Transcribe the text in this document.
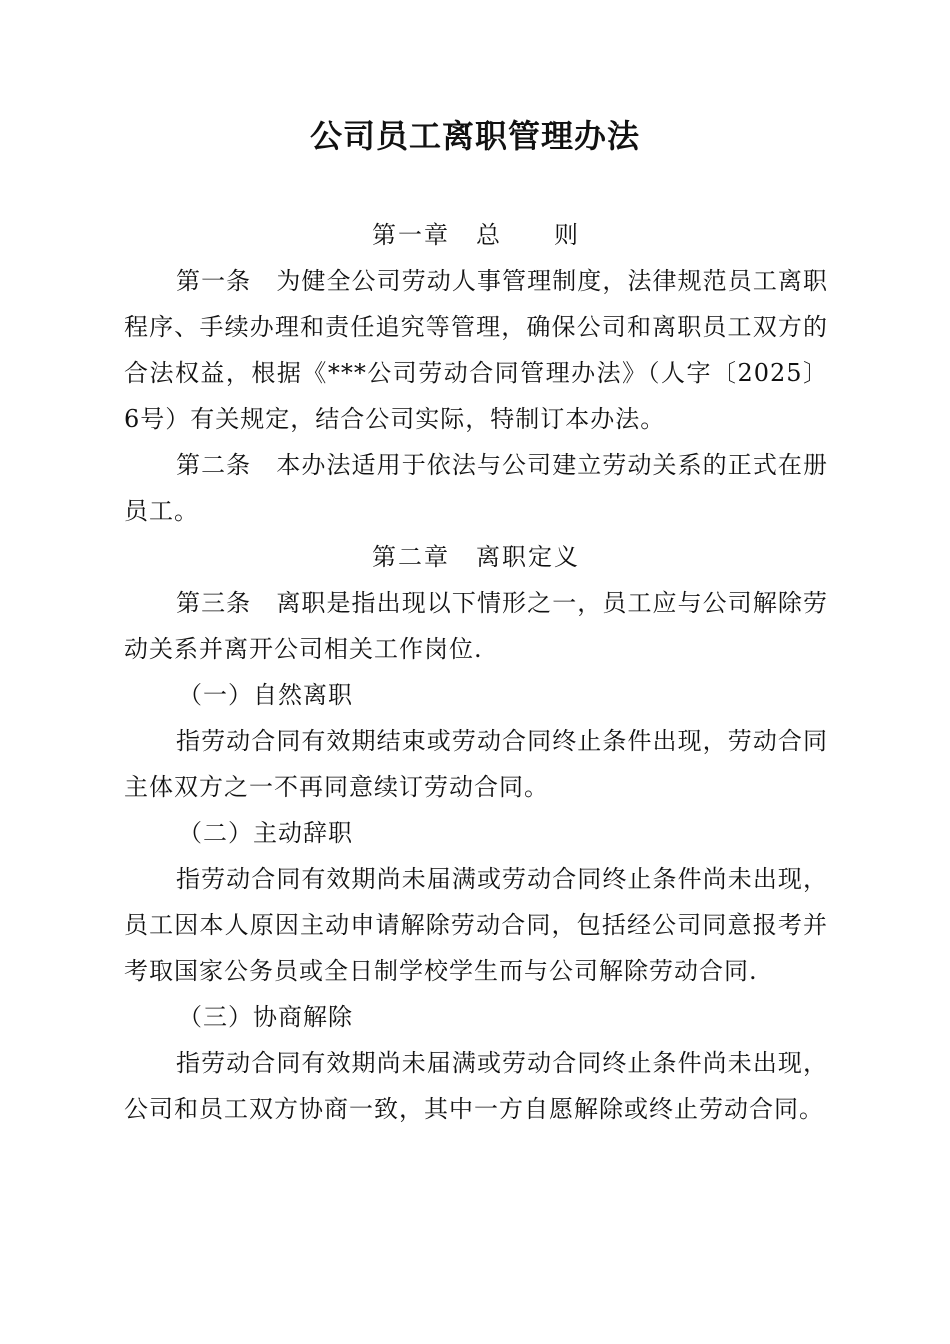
公司员工离职管理办法

第一章　总　　则

第一条　为健全公司劳动人事管理制度，法律规范员工离职程序、手续办理和责任追究等管理，确保公司和离职员工双方的合法权益，根据《***公司劳动合同管理办法》（人字〔2025〕6号）有关规定，结合公司实际，特制订本办法。

第二条　本办法适用于依法与公司建立劳动关系的正式在册员工。

第二章　离职定义

第三条　离职是指出现以下情形之一，员工应与公司解除劳动关系并离开公司相关工作岗位.

（一）自然离职

指劳动合同有效期结束或劳动合同终止条件出现，劳动合同主体双方之一不再同意续订劳动合同。

（二）主动辞职

指劳动合同有效期尚未届满或劳动合同终止条件尚未出现，员工因本人原因主动申请解除劳动合同，包括经公司同意报考并考取国家公务员或全日制学校学生而与公司解除劳动合同.

（三）协商解除

指劳动合同有效期尚未届满或劳动合同终止条件尚未出现，公司和员工双方协商一致，其中一方自愿解除或终止劳动合同。
